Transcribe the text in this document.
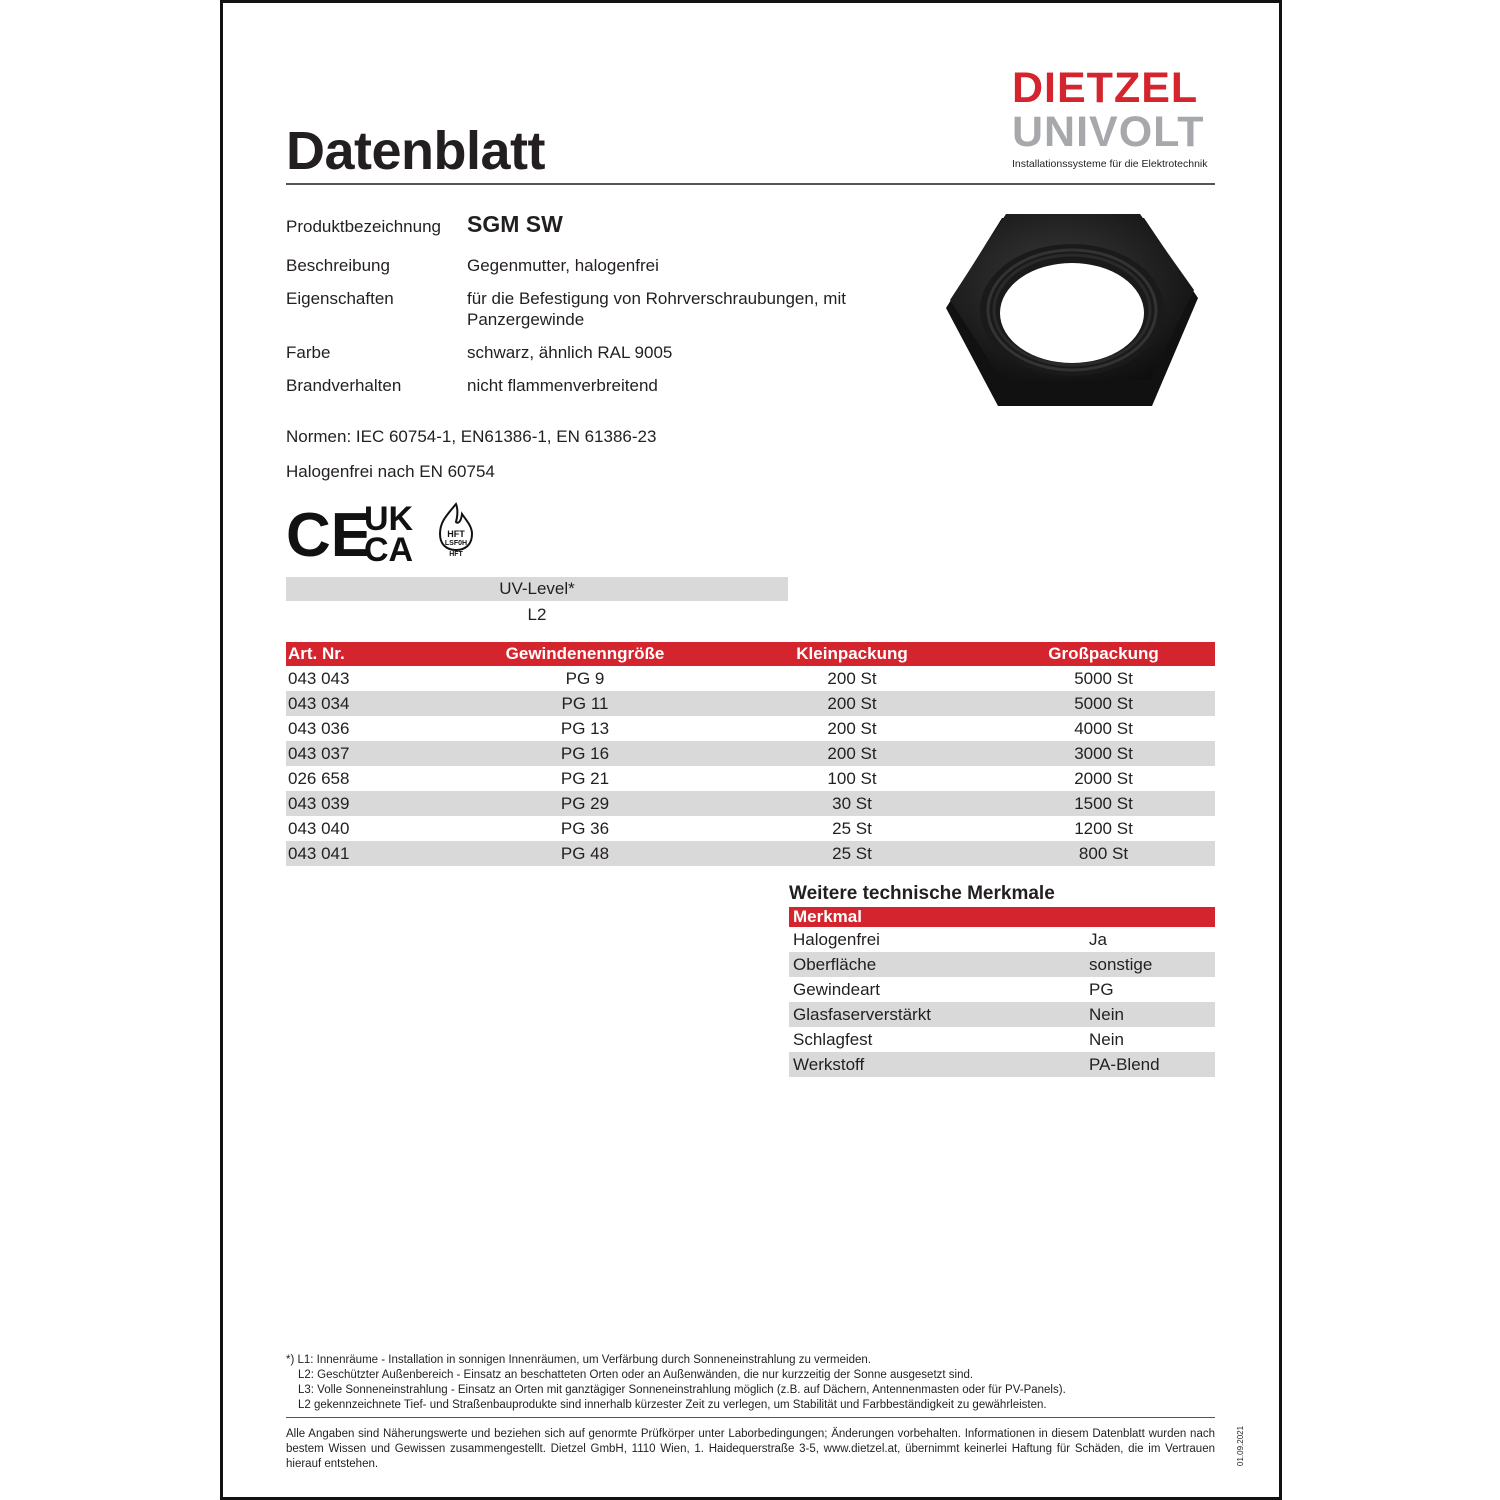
Datenblatt
DIETZEL
UNIVOLT
Installationssysteme für die Elektrotechnik
Produktbezeichnung SGM SW
Beschreibung	Gegenmutter, halogenfrei
Eigenschaften	für die Befestigung von Rohrverschraubungen, mit
Panzergewinde
Farbe	schwarz, ähnlich RAL 9005
Brandverhalten	nicht flammenverbreitend
Normen: IEC 60754-1, EN61386-1, EN 61386-23
Halogenfrei nach EN 60754
CE
UK
CA	HFT
LSF0H
HFT
UV-Level*
L2
Art. Nr.	Gewindenenngröße	Kleinpackung	Großpackung
043 043	PG 9	200 St	5000 St
043 034	PG 11	200 St	5000 St
043 036	PG 13	200 St	4000 St
043 037	PG 16	200 St	3000 St
026 658	PG 21	100 St	2000 St
043 039	PG 29	30 St	1500 St
043 040	PG 36	25 St	1200 St
043 041	PG 48	25 St	800 St
Weitere technische Merkmale
Merkmal	
Halogenfrei	Ja
Oberfläche	sonstige
Gewindeart	PG
Glasfaserverstärkt	Nein
Schlagfest	Nein
Werkstoff	PA-Blend
*) L1: Innenräume - Installation in sonnigen Innenräumen, um Verfärbung durch Sonneneinstrahlung zu vermeiden.
L2: Geschützter Außenbereich - Einsatz an beschatteten Orten oder an Außenwänden, die nur kurzzeitig der Sonne ausgesetzt sind.
L3: Volle Sonneneinstrahlung - Einsatz an Orten mit ganztägiger Sonneneinstrahlung möglich (z.B. auf Dächern, Antennenmasten oder für PV-Panels).
L2 gekennzeichnete Tief- und Straßenbauprodukte sind innerhalb kürzester Zeit zu verlegen, um Stabilität und Farbbeständigkeit zu gewährleisten.
Alle Angaben sind Näherungswerte und beziehen sich auf genormte Prüfkörper unter Laborbedingungen; Änderungen vorbehalten. Informationen in diesem Datenblatt wurden nach bestem Wissen und Gewissen zusammengestellt. Dietzel GmbH, 1110 Wien, 1. Haidequerstraße 3-5, www.dietzel.at, übernimmt keinerlei Haftung für Schäden, die im Vertrauen hierauf entstehen.	01.09.2021
